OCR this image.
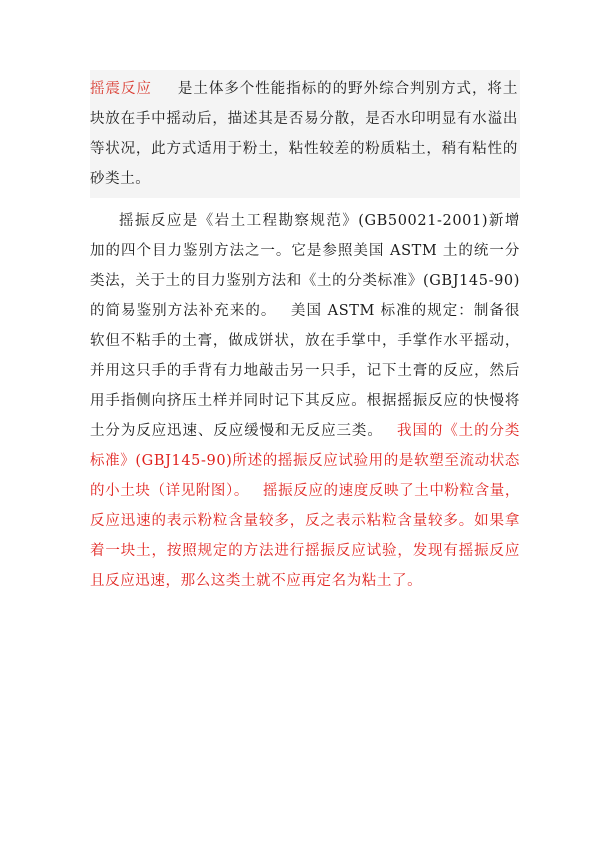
摇震反应 是土体多个性能指标的的野外综合判别方式，将土块放在手中摇动后，描述其是否易分散，是否水印明显有水溢出等状况，此方式适用于粉土，粘性较差的粉质粘土，稍有粘性的砂类土。

摇振反应是《岩土工程勘察规范》(GB50021-2001)新增加的四个目力鉴别方法之一。它是参照美国 ASTM 土的统一分类法，关于土的目力鉴别方法和《土的分类标准》(GBJ145-90)的简易鉴别方法补充来的。 美国 ASTM 标准的规定：制备很软但不粘手的土膏，做成饼状，放在手掌中，手掌作水平摇动，并用这只手的手背有力地敲击另一只手，记下土膏的反应，然后用手指侧向挤压土样并同时记下其反应。根据摇振反应的快慢将土分为反应迅速、反应缓慢和无反应三类。 我国的《土的分类标准》(GBJ145-90)所述的摇振反应试验用的是软塑至流动状态的小土块（详见附图）。 摇振反应的速度反映了土中粉粒含量，反应迅速的表示粉粒含量较多，反之表示粘粒含量较多。如果拿着一块土，按照规定的方法进行摇振反应试验，发现有摇振反应且反应迅速，那么这类土就不应再定名为粘土了。
